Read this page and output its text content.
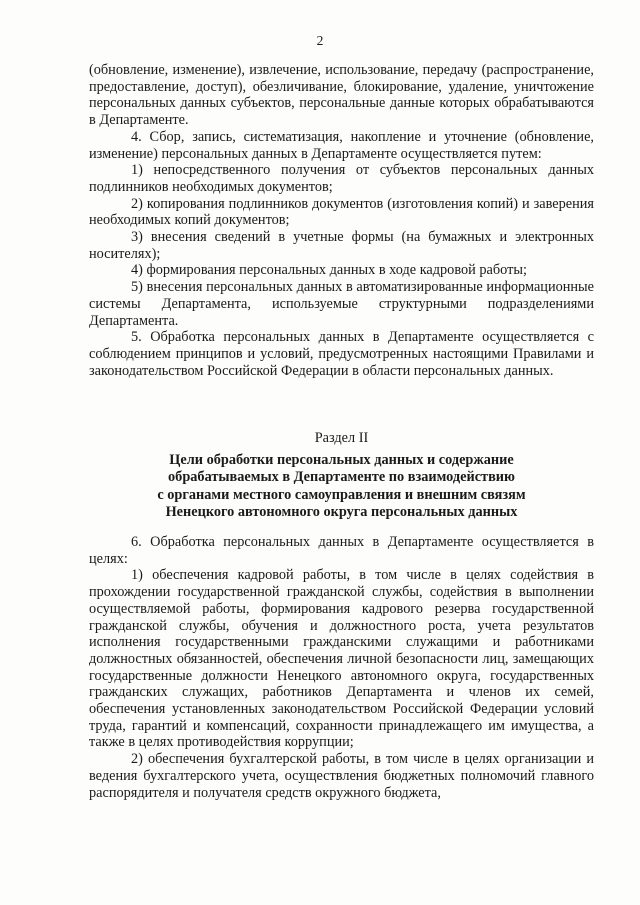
2

(обновление, изменение), извлечение, использование, передачу (распространение, предоставление, доступ), обезличивание, блокирование, удаление, уничтожение персональных данных субъектов, персональные данные которых обрабатываются в Департаменте.

4. Сбор, запись, систематизация, накопление и уточнение (обновление, изменение) персональных данных в Департаменте осуществляется путем:

1) непосредственного получения от субъектов персональных данных подлинников необходимых документов;

2) копирования подлинников документов (изготовления копий) и заверения необходимых копий документов;

3) внесения сведений в учетные формы (на бумажных и электронных носителях);

4) формирования персональных данных в ходе кадровой работы;

5) внесения персональных данных в автоматизированные информационные системы Департамента, используемые структурными подразделениями Департамента.

5. Обработка персональных данных в Департаменте осуществляется с соблюдением принципов и условий, предусмотренных настоящими Правилами и законодательством Российской Федерации в области персональных данных.

Раздел II

Цели обработки персональных данных и содержание
обрабатываемых в Департаменте по взаимодействию
с органами местного самоуправления и внешним связям
Ненецкого автономного округа персональных данных

6. Обработка персональных данных в Департаменте осуществляется в целях:

1) обеспечения кадровой работы, в том числе в целях содействия в прохождении государственной гражданской службы, содействия в выполнении осуществляемой работы, формирования кадрового резерва государственной гражданской службы, обучения и должностного роста, учета результатов исполнения государственными гражданскими служащими и работниками должностных обязанностей, обеспечения личной безопасности лиц, замещающих государственные должности Ненецкого автономного округа, государственных гражданских служащих, работников Департамента и членов их семей, обеспечения установленных законодательством Российской Федерации условий труда, гарантий и компенсаций, сохранности принадлежащего им имущества, а также в целях противодействия коррупции;

2) обеспечения бухгалтерской работы, в том числе в целях организации и ведения бухгалтерского учета, осуществления бюджетных полномочий главного распорядителя и получателя средств окружного бюджета,
